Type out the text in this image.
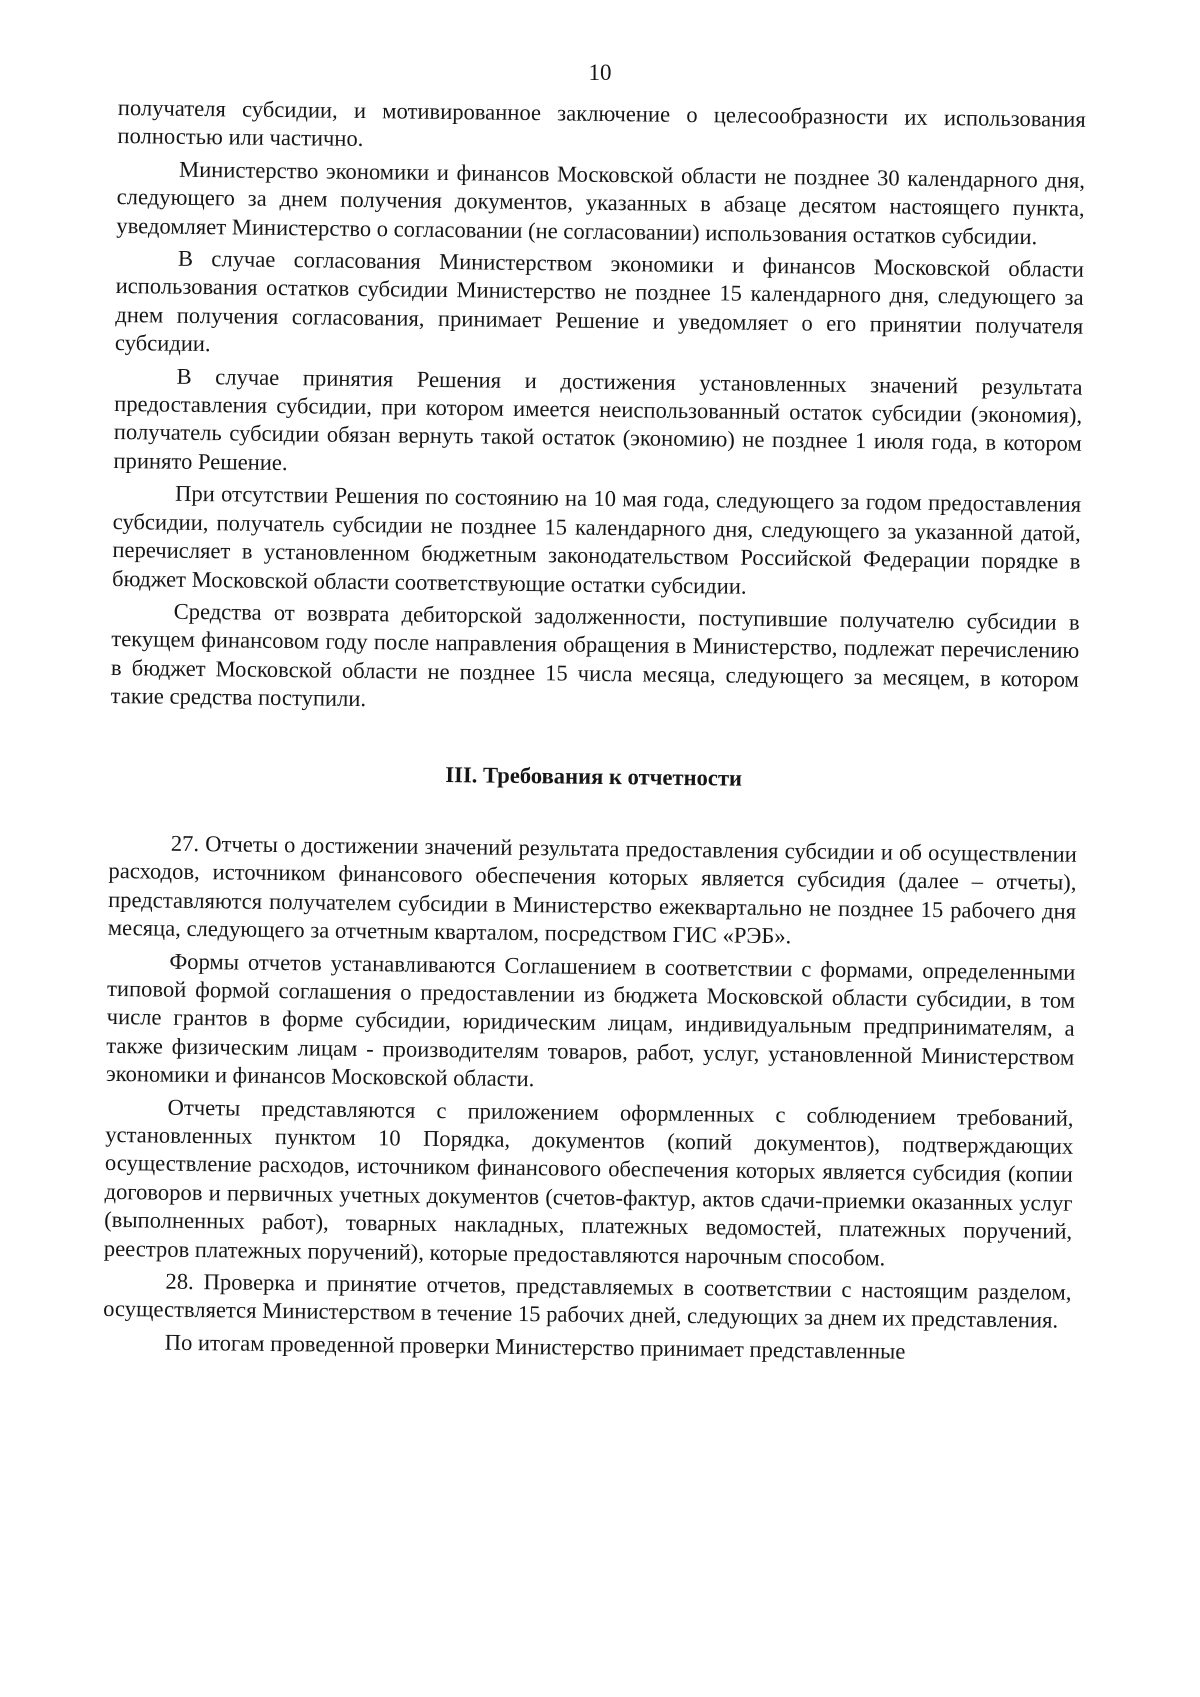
10

получателя субсидии, и мотивированное заключение о целесообразности их использования полностью или частично.

Министерство экономики и финансов Московской области не позднее 30 календарного дня, следующего за днем получения документов, указанных в абзаце десятом настоящего пункта, уведомляет Министерство о согласовании (не согласовании) использования остатков субсидии.

В случае согласования Министерством экономики и финансов Московской области использования остатков субсидии Министерство не позднее 15 календарного дня, следующего за днем получения согласования, принимает Решение и уведомляет о его принятии получателя субсидии.

В случае принятия Решения и достижения установленных значений результата предоставления субсидии, при котором имеется неиспользованный остаток субсидии (экономия), получатель субсидии обязан вернуть такой остаток (экономию) не позднее 1 июля года, в котором принято Решение.

При отсутствии Решения по состоянию на 10 мая года, следующего за годом предоставления субсидии, получатель субсидии не позднее 15 календарного дня, следующего за указанной датой, перечисляет в установленном бюджетным законодательством Российской Федерации порядке в бюджет Московской области соответствующие остатки субсидии.

Средства от возврата дебиторской задолженности, поступившие получателю субсидии в текущем финансовом году после направления обращения в Министерство, подлежат перечислению в бюджет Московской области не позднее 15 числа месяца, следующего за месяцем, в котором такие средства поступили.

III. Требования к отчетности

27. Отчеты о достижении значений результата предоставления субсидии и об осуществлении расходов, источником финансового обеспечения которых является субсидия (далее – отчеты), представляются получателем субсидии в Министерство ежеквартально не позднее 15 рабочего дня месяца, следующего за отчетным кварталом, посредством ГИС «РЭБ».

Формы отчетов устанавливаются Соглашением в соответствии с формами, определенными типовой формой соглашения о предоставлении из бюджета Московской области субсидии, в том числе грантов в форме субсидии, юридическим лицам, индивидуальным предпринимателям, а также физическим лицам - производителям товаров, работ, услуг, установленной Министерством экономики и финансов Московской области.

Отчеты представляются с приложением оформленных с соблюдением требований, установленных пунктом 10 Порядка, документов (копий документов), подтверждающих осуществление расходов, источником финансового обеспечения которых является субсидия (копии договоров и первичных учетных документов (счетов-фактур, актов сдачи-приемки оказанных услуг (выполненных работ), товарных накладных, платежных ведомостей, платежных поручений, реестров платежных поручений), которые предоставляются нарочным способом.

28. Проверка и принятие отчетов, представляемых в соответствии с настоящим разделом, осуществляется Министерством в течение 15 рабочих дней, следующих за днем их представления.

По итогам проведенной проверки Министерство принимает представленные
